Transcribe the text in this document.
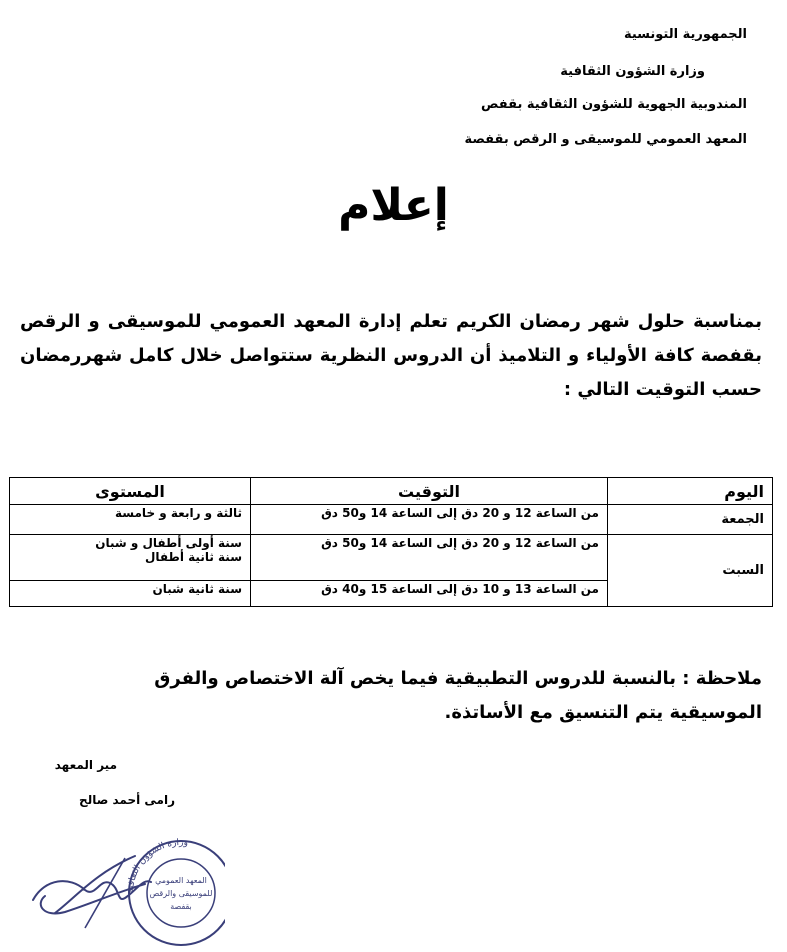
الجمهورية التونسية
وزارة الشؤون الثقافية
المندوبية الجهوية للشؤون الثقافية بقفص
المعهد العمومي للموسيقى و الرقص بقفصة
إعلام
بمناسبة حلول شهر رمضان الكريم تعلم إدارة المعهد العمومي للموسيقى و الرقص بقفصة كافة الأولياء و التلاميذ أن الدروس النظرية ستتواصل خلال كامل شهررمضان حسب التوقيت التالي :
اليوم	التوقيت	المستوى
الجمعة	من الساعة 12 و 20 دق إلى الساعة 14 و50 دق	ثالثة و رابعة و خامسة
السبت	من الساعة 12 و 20 دق إلى الساعة 14 و50 دق	سنة أولى أطفال و شبان
سنة ثانية أطفال

	من الساعة 13 و 10 دق إلى الساعة 15 و40 دق	سنة ثانية شبان
ملاحظة : بالنسبة للدروس التطبيقية فيما يخص آلة الاختصاص والفرق الموسيقية يتم التنسيق مع الأساتذة.
مير المعهد
رامى أحمد صالح
وزارة الشؤون الثقافية
المعهد العمومي
للموسيقى والرقص
بقفصة
